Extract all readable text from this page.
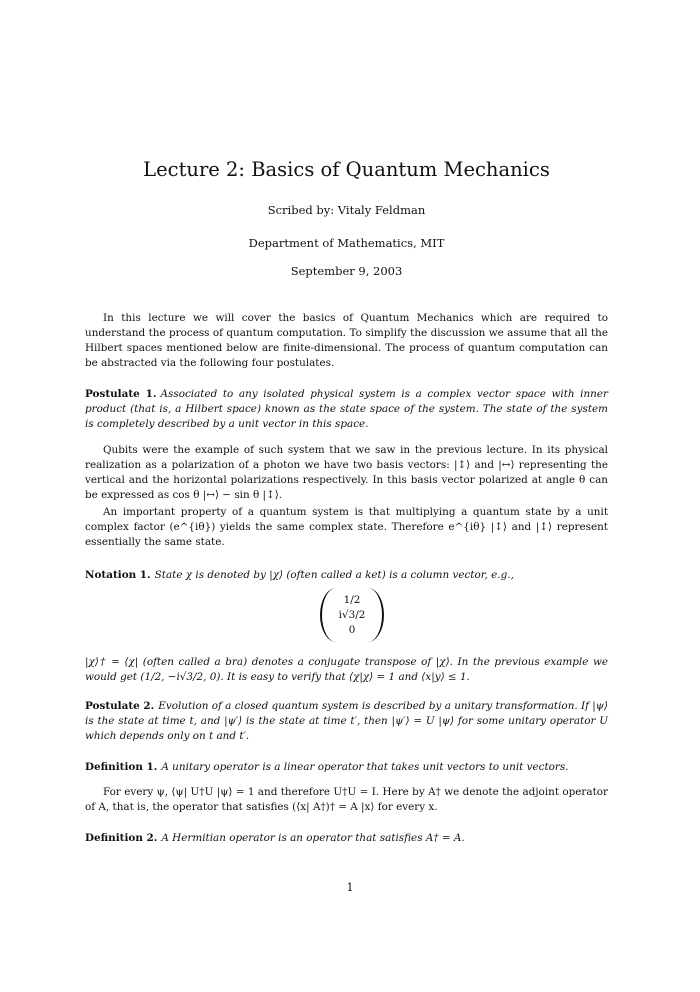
Lecture 2: Basics of Quantum Mechanics
Scribed by: Vitaly Feldman
Department of Mathematics, MIT
September 9, 2003

In this lecture we will cover the basics of Quantum Mechanics which are required to understand the process of quantum computation. To simplify the discussion we assume that all the Hilbert spaces mentioned below are finite-dimensional. The process of quantum computation can be abstracted via the following four postulates.

Postulate 1. Associated to any isolated physical system is a complex vector space with inner product (that is, a Hilbert space) known as the state space of the system. The state of the system is completely described by a unit vector in this space.

Qubits were the example of such system that we saw in the previous lecture. In its physical realization as a polarization of a photon we have two basis vectors: |↕⟩ and |↔⟩ representing the vertical and the horizontal polarizations respectively. In this basis vector polarized at angle θ can be expressed as cos θ |↔⟩ − sin θ |↕⟩.

An important property of a quantum system is that multiplying a quantum state by a unit complex factor (e^{iθ}) yields the same complex state. Therefore e^{iθ} |↕⟩ and |↕⟩ represent essentially the same state.

Notation 1. State χ is denoted by |χ⟩ (often called a ket) is a column vector, e.g.,

1/2
i√3/2
0

|χ⟩† = ⟨χ| (often called a bra) denotes a conjugate transpose of |χ⟩. In the previous example we would get (1/2, −i√3/2, 0). It is easy to verify that ⟨χ|χ⟩ = 1 and ⟨x|y⟩ ≤ 1.

Postulate 2. Evolution of a closed quantum system is described by a unitary transformation. If |ψ⟩ is the state at time t, and |ψ′⟩ is the state at time t′, then |ψ′⟩ = U |ψ⟩ for some unitary operator U which depends only on t and t′.

Definition 1. A unitary operator is a linear operator that takes unit vectors to unit vectors.

For every ψ, ⟨ψ| U†U |ψ⟩ = 1 and therefore U†U = I. Here by A† we denote the adjoint operator of A, that is, the operator that satisfies (⟨x| A†)† = A |x⟩ for every x.

Definition 2. A Hermitian operator is an operator that satisfies A† = A.

1
